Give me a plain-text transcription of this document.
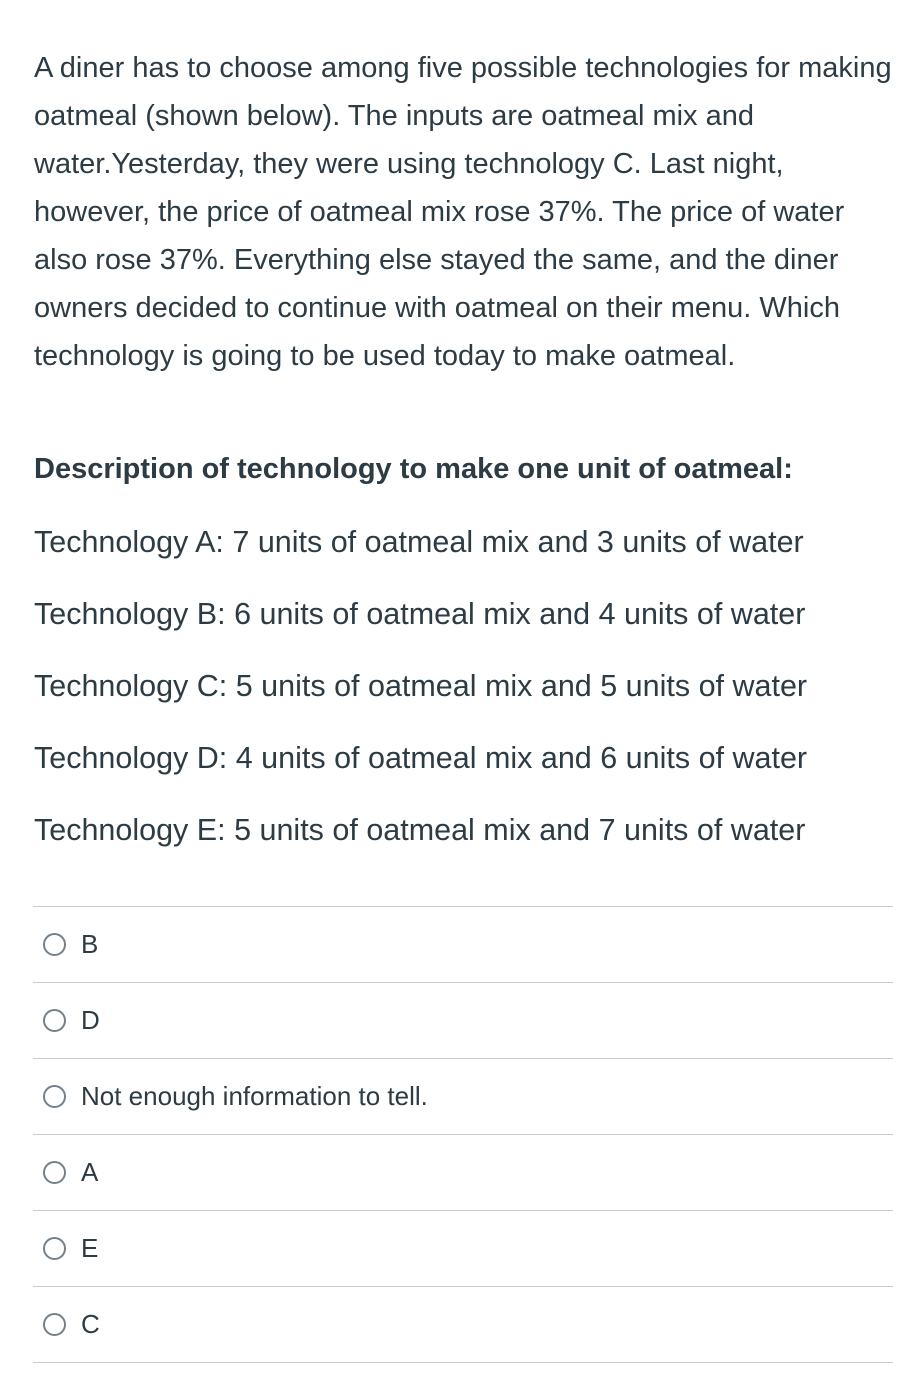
A diner has to choose among five possible technologies for making oatmeal (shown below). The inputs are oatmeal mix and water.Yesterday, they were using technology C. Last night, however, the price of oatmeal mix rose 37%. The price of water also rose 37%. Everything else stayed the same, and the diner owners decided to continue with oatmeal on their menu. Which technology is going to be used today to make oatmeal.

Description of technology to make one unit of oatmeal:

Technology A: 7 units of oatmeal mix and 3 units of water

Technology B: 6 units of oatmeal mix and 4 units of water

Technology C: 5 units of oatmeal mix and 5 units of water

Technology D: 4 units of oatmeal mix and 6 units of water

Technology E: 5 units of oatmeal mix and 7 units of water

B
D
Not enough information to tell.
A
E
C
